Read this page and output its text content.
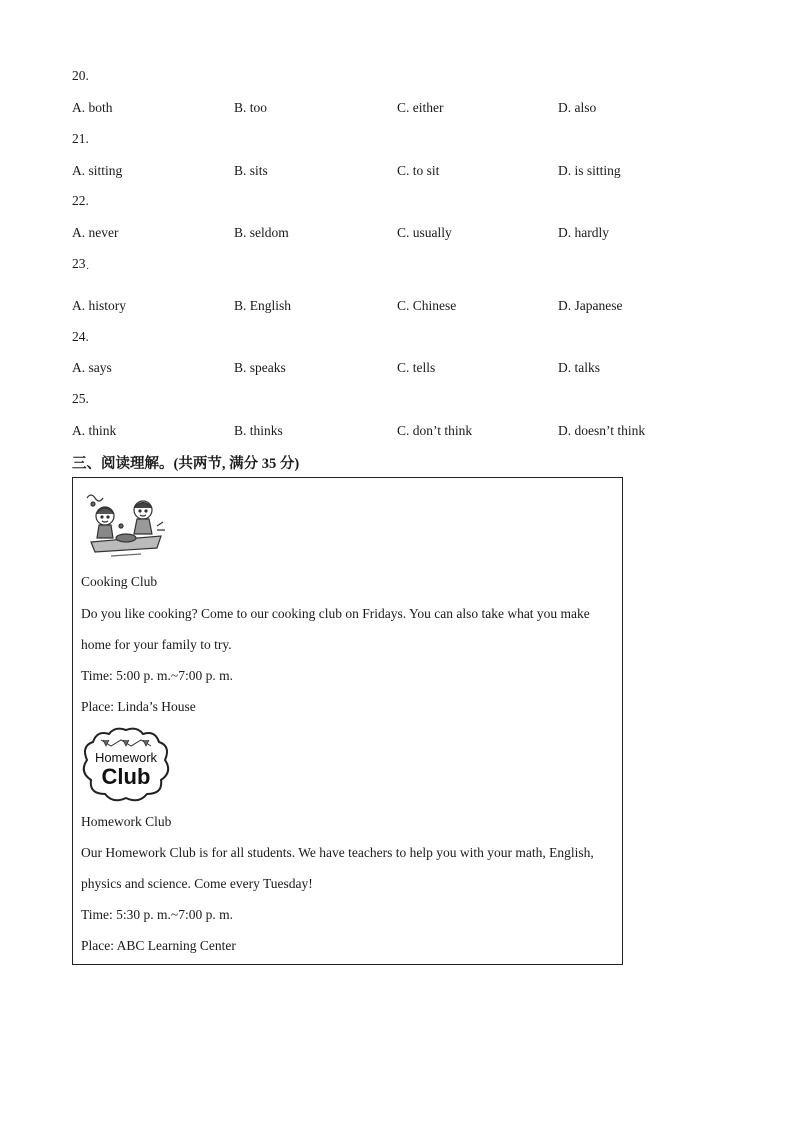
20.
A. both	B. too	C. either	D. also
21.
A. sitting	B. sits	C. to sit	D. is sitting
22.
A. never	B. seldom	C. usually	D. hardly
23 ·
A. history	B. English	C. Chinese	D. Japanese
24.
A. says	B. speaks	C. tells	D. talks
25.
A. think	B. thinks	C. don’t think	D. doesn’t think
三、阅读理解。(共两节, 满分 35 分)
Cooking Club
Do you like cooking? Come to our cooking club on Fridays. You can also take what you make
home for your family to try.
Time: 5:00 p. m.~7:00 p. m.
Place: Linda’s House
Homework
Club
Homework Club
Our Homework Club is for all students. We have teachers to help you with your math, English,
physics and science. Come every Tuesday!
Time: 5:30 p. m.~7:00 p. m.
Place: ABC Learning Center
